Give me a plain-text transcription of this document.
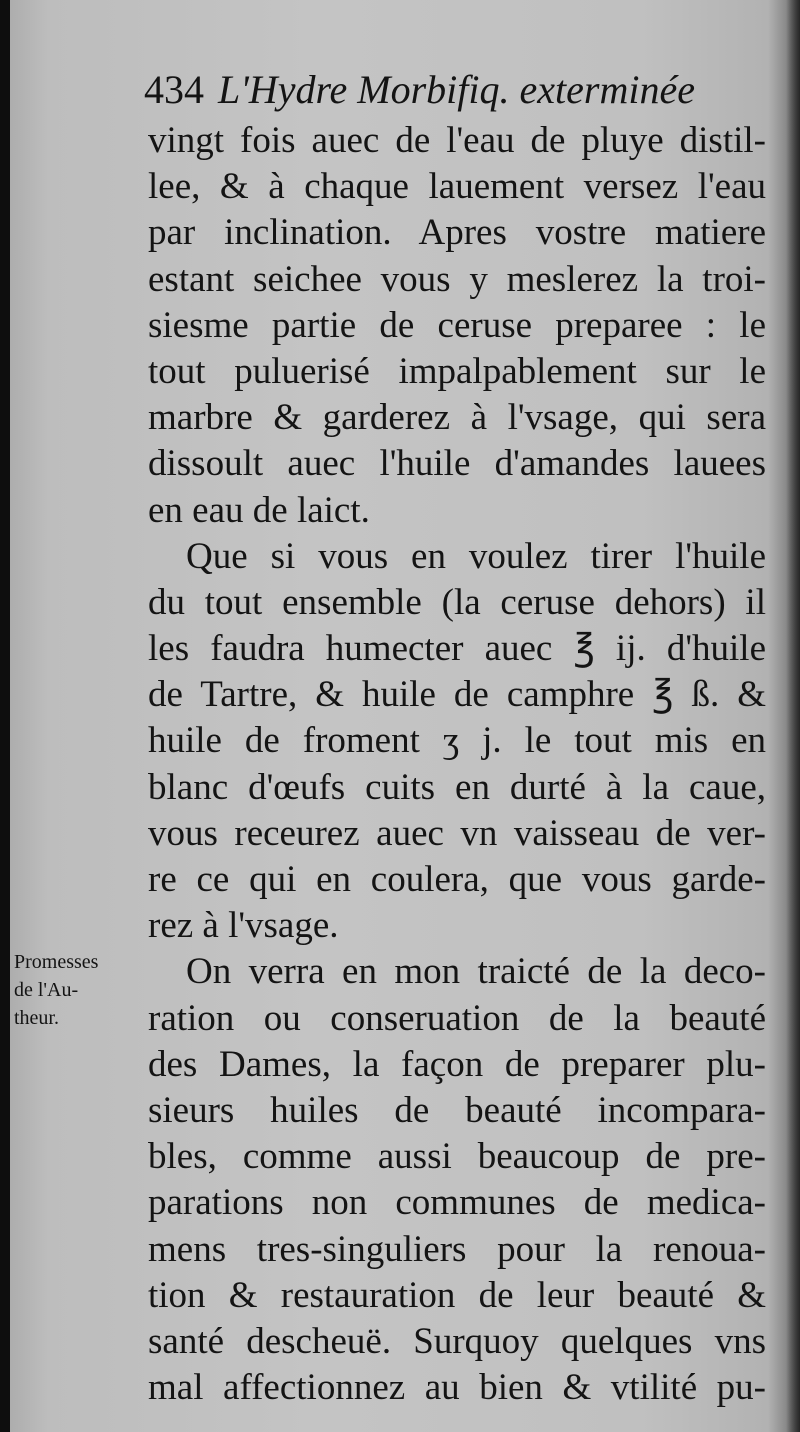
434 L'Hydre Morbifiq. exterminée
vingt fois auec de l'eau de pluye distil-
lee, & à chaque lauement versez l'eau
par inclination. Apres vostre matiere
estant seichee vous y meslerez la troi-
siesme partie de ceruse preparee : le
tout puluerisé impalpablement sur le
marbre & garderez à l'vsage, qui sera
dissoult auec l'huile d'amandes lauees
en eau de laict.
Que si vous en voulez tirer l'huile
du tout ensemble (la ceruse dehors) il
les faudra humecter auec ℥ ij. d'huile
de Tartre, & huile de camphre ℥ ß. &
huile de froment ʒ j. le tout mis en
blanc d'œufs cuits en durté à la caue,
vous receurez auec vn vaisseau de ver-
re ce qui en coulera, que vous garde-
rez à l'vsage.
On verra en mon traicté de la deco-
ration ou conseruation de la beauté
des Dames, la façon de preparer plu-
sieurs huiles de beauté incompara-
bles, comme aussi beaucoup de pre-
parations non communes de medica-
mens tres-singuliers pour la renoua-
tion & restauration de leur beauté &
santé descheuë. Surquoy quelques vns
mal affectionnez au bien & vtilité pu-
Promesses
de l'Au-
theur.
